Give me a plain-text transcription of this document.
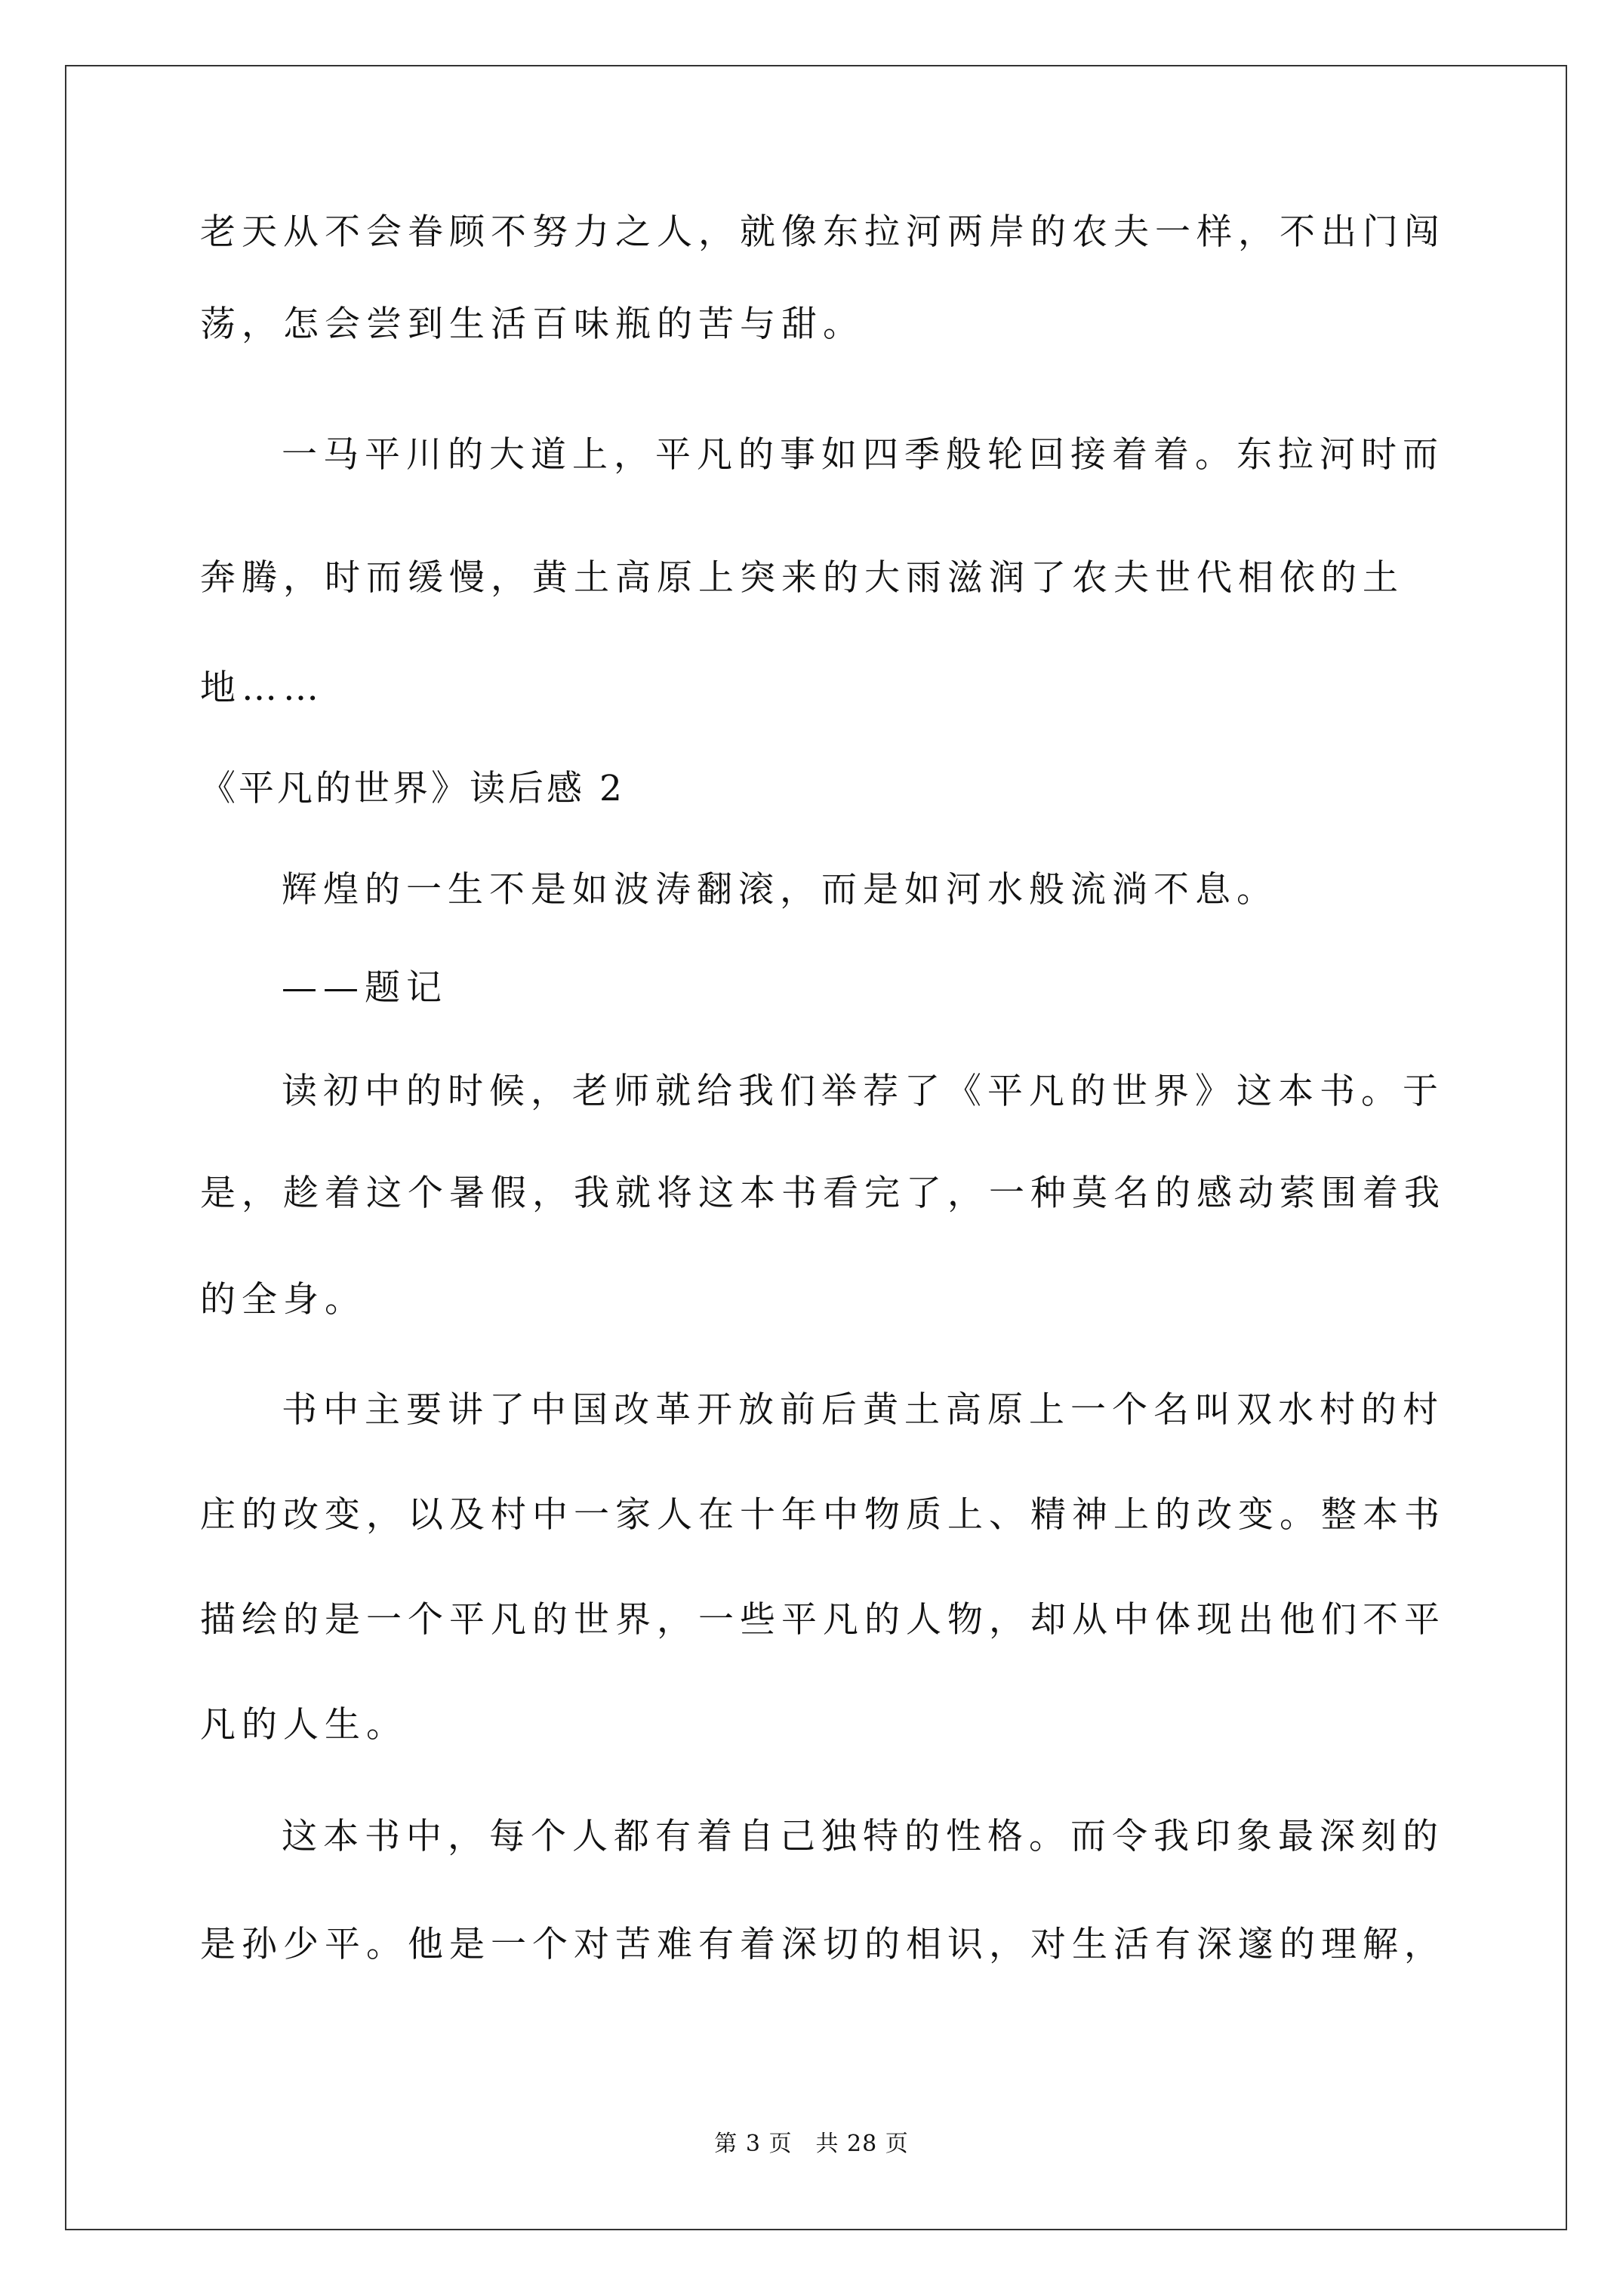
老天从不会眷顾不努力之人，就像东拉河两岸的农夫一样，不出门闯
荡，怎会尝到生活百味瓶的苦与甜。
一马平川的大道上，平凡的事如四季般轮回接着着。东拉河时而
奔腾，时而缓慢，黄土高原上突来的大雨滋润了农夫世代相依的土
地……
《平凡的世界》读后感 2
辉煌的一生不是如波涛翻滚，而是如河水般流淌不息。
——题记
读初中的时候，老师就给我们举荐了《平凡的世界》这本书。于
是，趁着这个暑假，我就将这本书看完了，一种莫名的感动萦围着我
的全身。
书中主要讲了中国改革开放前后黄土高原上一个名叫双水村的村
庄的改变，以及村中一家人在十年中物质上、精神上的改变。整本书
描绘的是一个平凡的世界，一些平凡的人物，却从中体现出他们不平
凡的人生。
这本书中，每个人都有着自己独特的性格。而令我印象最深刻的
是孙少平。他是一个对苦难有着深切的相识，对生活有深邃的理解，
第 3 页　共 28 页
